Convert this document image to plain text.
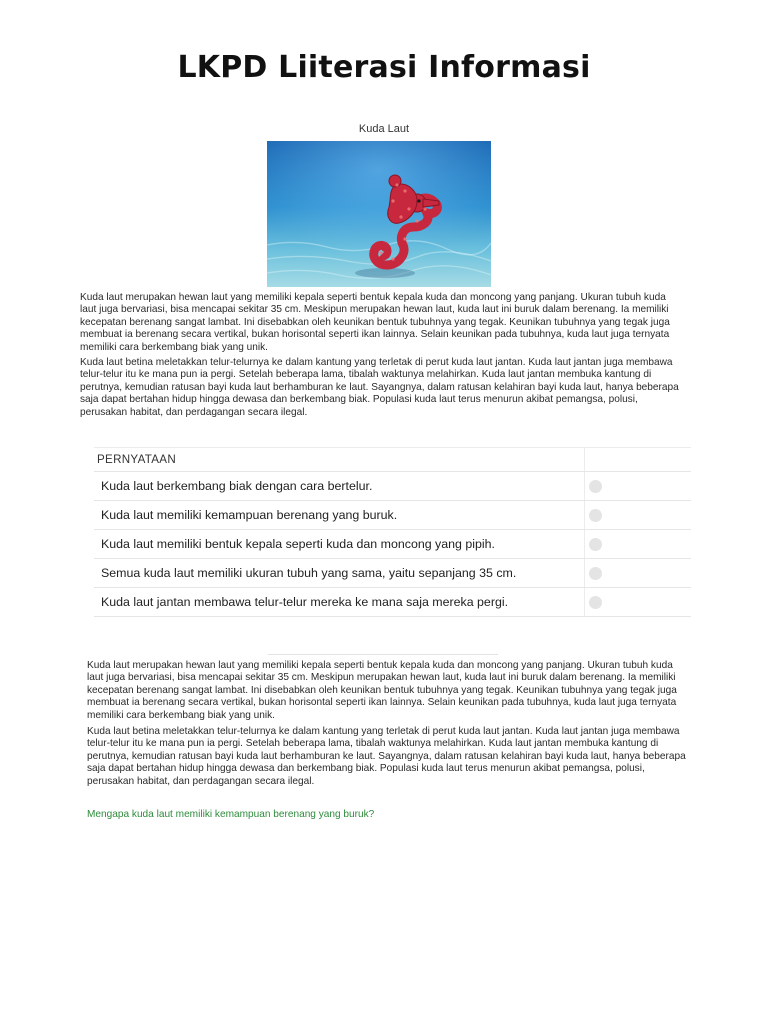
LKPD Liiterasi Informasi
Kuda Laut

Kuda laut merupakan hewan laut yang memiliki kepala seperti bentuk kepala kuda dan moncong yang panjang. Ukuran tubuh kuda laut juga bervariasi, bisa mencapai sekitar 35 cm. Meskipun merupakan hewan laut, kuda laut ini buruk dalam berenang. Ia memiliki kecepatan berenang sangat lambat. Ini disebabkan oleh keunikan bentuk tubuhnya yang tegak. Keunikan tubuhnya yang tegak juga membuat ia berenang secara vertikal, bukan horisontal seperti ikan lainnya. Selain keunikan pada tubuhnya, kuda laut juga ternyata memiliki cara berkembang biak yang unik.

Kuda laut betina meletakkan telur-telurnya ke dalam kantung yang terletak di perut kuda laut jantan. Kuda laut jantan juga membawa telur-telur itu ke mana pun ia pergi. Setelah beberapa lama, tibalah waktunya melahirkan. Kuda laut jantan membuka kantung di perutnya, kemudian ratusan bayi kuda laut berhamburan ke laut. Sayangnya, dalam ratusan kelahiran bayi kuda laut, hanya beberapa saja dapat bertahan hidup hingga dewasa dan berkembang biak. Populasi kuda laut terus menurun akibat pemangsa, polusi, perusakan habitat, dan perdagangan secara ilegal.

PERNYATAAN	
Kuda laut berkembang biak dengan cara bertelur.	
Kuda laut memiliki kemampuan berenang yang buruk.	
Kuda laut memiliki bentuk kepala seperti kuda dan moncong yang pipih.	
Semua kuda laut memiliki ukuran tubuh yang sama, yaitu sepanjang 35 cm.	
Kuda laut jantan membawa telur-telur mereka ke mana saja mereka pergi.	

Kuda laut merupakan hewan laut yang memiliki kepala seperti bentuk kepala kuda dan moncong yang panjang. Ukuran tubuh kuda laut juga bervariasi, bisa mencapai sekitar 35 cm. Meskipun merupakan hewan laut, kuda laut ini buruk dalam berenang. Ia memiliki kecepatan berenang sangat lambat. Ini disebabkan oleh keunikan bentuk tubuhnya yang tegak. Keunikan tubuhnya yang tegak juga membuat ia berenang secara vertikal, bukan horisontal seperti ikan lainnya. Selain keunikan pada tubuhnya, kuda laut juga ternyata memiliki cara berkembang biak yang unik.

Kuda laut betina meletakkan telur-telurnya ke dalam kantung yang terletak di perut kuda laut jantan. Kuda laut jantan juga membawa telur-telur itu ke mana pun ia pergi. Setelah beberapa lama, tibalah waktunya melahirkan. Kuda laut jantan membuka kantung di perutnya, kemudian ratusan bayi kuda laut berhamburan ke laut. Sayangnya, dalam ratusan kelahiran bayi kuda laut, hanya beberapa saja dapat bertahan hidup hingga dewasa dan berkembang biak. Populasi kuda laut terus menurun akibat pemangsa, polusi, perusakan habitat, dan perdagangan secara ilegal.

Mengapa kuda laut memiliki kemampuan berenang yang buruk?
